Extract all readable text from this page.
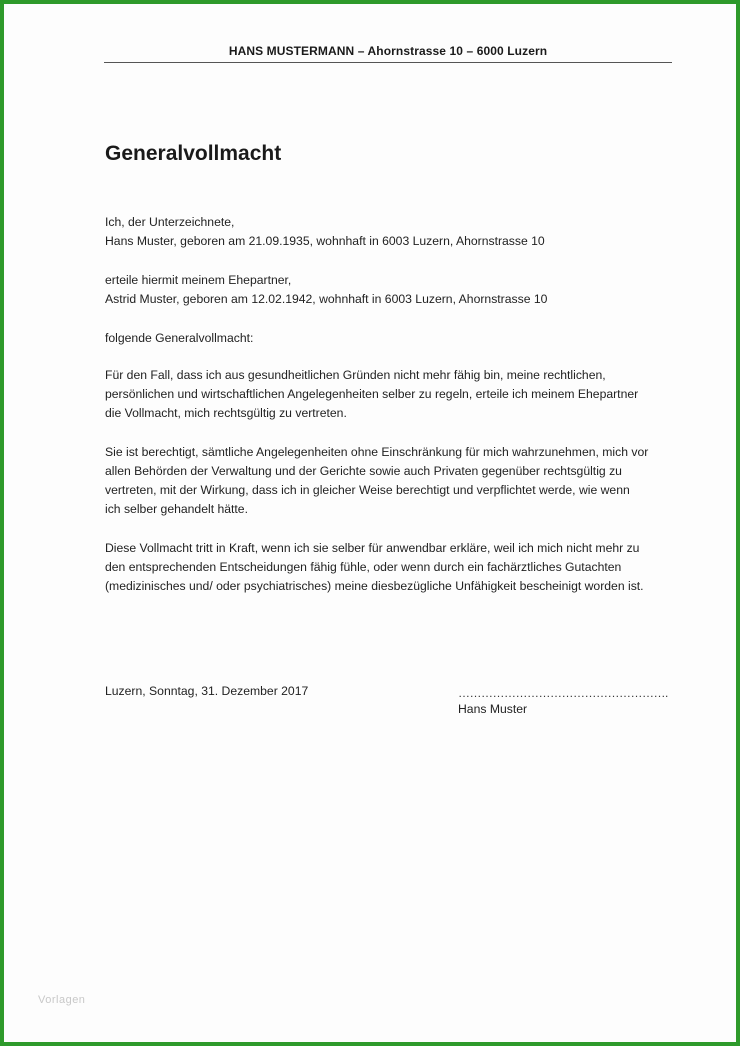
HANS MUSTERMANN – Ahornstrasse 10 – 6000 Luzern
Generalvollmacht

Ich, der Unterzeichnete,

Hans Muster, geboren am 21.09.1935, wohnhaft in 6003 Luzern, Ahornstrasse 10

erteile hiermit meinem Ehepartner,

Astrid Muster, geboren am 12.02.1942, wohnhaft in 6003 Luzern, Ahornstrasse 10

folgende Generalvollmacht:

Für den Fall, dass ich aus gesundheitlichen Gründen nicht mehr fähig bin, meine rechtlichen,

persönlichen und wirtschaftlichen Angelegenheiten selber zu regeln, erteile ich meinem Ehepartner

die Vollmacht, mich rechtsgültig zu vertreten.

Sie ist berechtigt, sämtliche Angelegenheiten ohne Einschränkung für mich wahrzunehmen, mich vor

allen Behörden der Verwaltung und der Gerichte sowie auch Privaten gegenüber rechtsgültig zu

vertreten, mit der Wirkung, dass ich in gleicher Weise berechtigt und verpflichtet werde, wie wenn

ich selber gehandelt hätte.

Diese Vollmacht tritt in Kraft, wenn ich sie selber für anwendbar erkläre, weil ich mich nicht mehr zu

den entsprechenden Entscheidungen fähig fühle, oder wenn durch ein fachärztliches Gutachten

(medizinisches und/ oder psychiatrisches) meine diesbezügliche Unfähigkeit bescheinigt worden ist.

Luzern, Sonntag, 31. Dezember 2017	……………………………………………….
Hans Muster
Vorlagen
